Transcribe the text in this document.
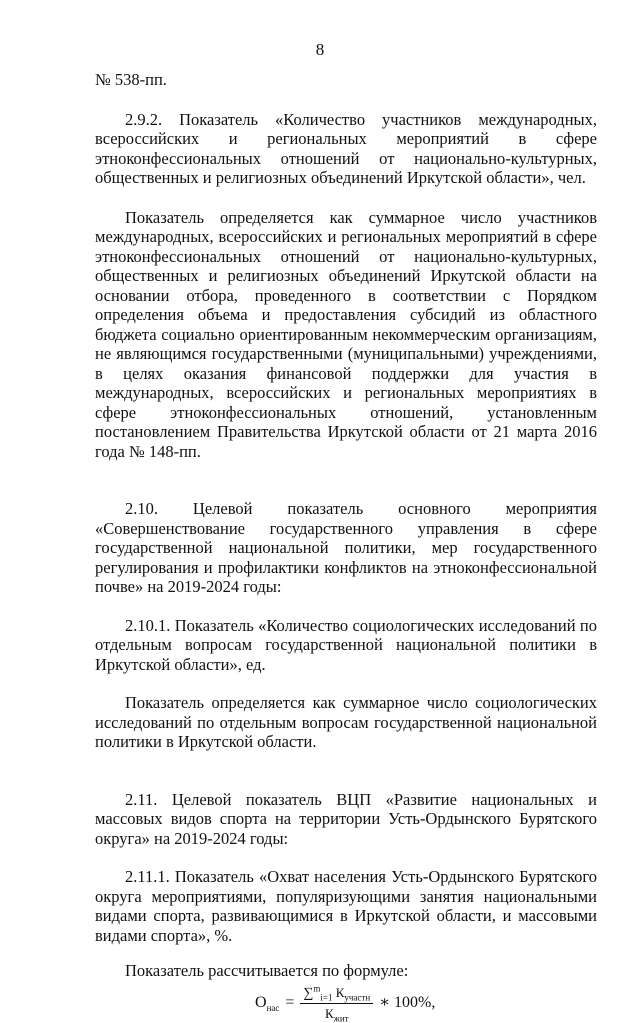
8

№ 538-пп.

2.9.2. Показатель «Количество участников международных, всероссийских и региональных мероприятий в сфере этноконфессиональных отношений от национально-культурных, общественных и религиозных объединений Иркутской области», чел.

Показатель определяется как суммарное число участников международных, всероссийских и региональных мероприятий в сфере этноконфессиональных отношений от национально-культурных, общественных и религиозных объединений Иркутской области на основании отбора, проведенного в соответствии с Порядком определения объема и предоставления субсидий из областного бюджета социально ориентированным некоммерческим организациям, не являющимся государственными (муниципальными) учреждениями, в целях оказания финансовой поддержки для участия в международных, всероссийских и региональных мероприятиях в сфере этноконфессиональных отношений, установленным постановлением Правительства Иркутской области от 21 марта 2016 года № 148-пп.

2.10. Целевой показатель основного мероприятия «Совершенствование государственного управления в сфере государственной национальной политики, мер государственного регулирования и профилактики конфликтов на этноконфессиональной почве» на 2019-2024 годы:

2.10.1. Показатель «Количество социологических исследований по отдельным вопросам государственной национальной политики в Иркутской области», ед.

Показатель определяется как суммарное число социологических исследований по отдельным вопросам государственной национальной политики в Иркутской области.

2.11. Целевой показатель ВЦП «Развитие национальных и массовых видов спорта на территории Усть-Ордынского Бурятского округа» на 2019-2024 годы:

2.11.1. Показатель «Охват населения Усть-Ордынского Бурятского округа мероприятиями, популяризующими занятия национальными видами спорта, развивающимися в Иркутской области, и массовыми видами спорта», %.

Показатель рассчитывается по формуле:

$О_{нас} = \frac{\sum^m_{i=1} К_{участн}}{К_{жит}}$ ∗ 100%,
